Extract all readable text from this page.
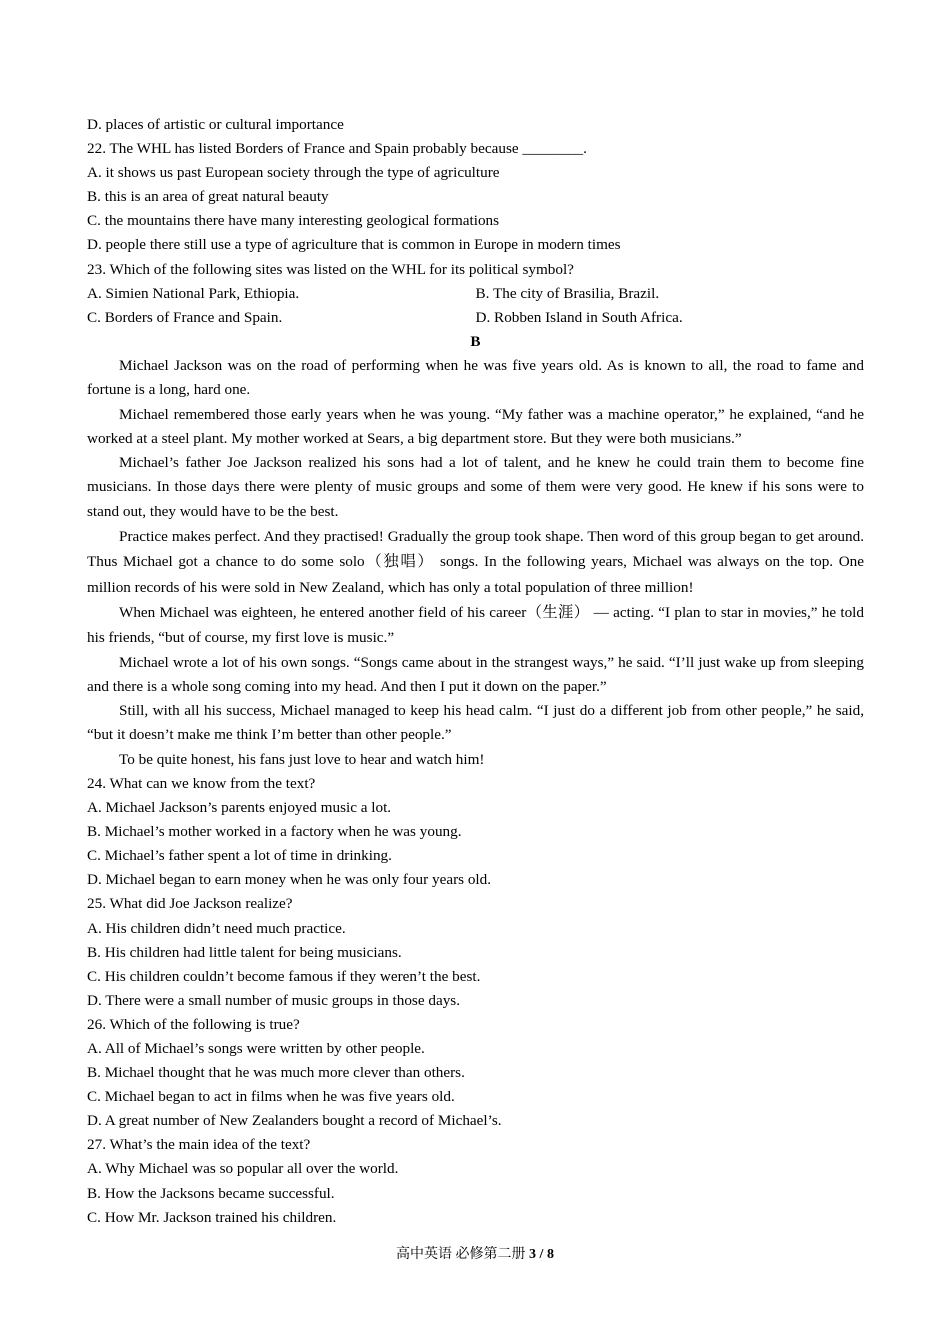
D. places of artistic or cultural importance
22. The WHL has listed Borders of France and Spain probably because ________.
A. it shows us past European society through the type of agriculture
B. this is an area of great natural beauty
C. the mountains there have many interesting geological formations
D. people there still use a type of agriculture that is common in Europe in modern times
23. Which of the following sites was listed on the WHL for its political symbol?
A. Simien National Park, Ethiopia.	B. The city of Brasilia, Brazil.
C. Borders of France and Spain.	D. Robben Island in South Africa.
B

Michael Jackson was on the road of performing when he was five years old. As is known to all, the road to fame and fortune is a long, hard one.

Michael remembered those early years when he was young. “My father was a machine operator,” he explained, “and he worked at a steel plant. My mother worked at Sears, a big department store. But they were both musicians.”

Michael’s father Joe Jackson realized his sons had a lot of talent, and he knew he could train them to become fine musicians. In those days there were plenty of music groups and some of them were very good. He knew if his sons were to stand out, they would have to be the best.

Practice makes perfect. And they practised! Gradually the group took shape. Then word of this group began to get around. Thus Michael got a chance to do some solo（独唱） songs. In the following years, Michael was always on the top. One million records of his were sold in New Zealand, which has only a total population of three million!

When Michael was eighteen, he entered another field of his career（生涯） — acting. “I plan to star in movies,” he told his friends, “but of course, my first love is music.”

Michael wrote a lot of his own songs. “Songs came about in the strangest ways,” he said. “I’ll just wake up from sleeping and there is a whole song coming into my head. And then I put it down on the paper.”

Still, with all his success, Michael managed to keep his head calm. “I just do a different job from other people,” he said, “but it doesn’t make me think I’m better than other people.”

To be quite honest, his fans just love to hear and watch him!

24. What can we know from the text?
A. Michael Jackson’s parents enjoyed music a lot.
B. Michael’s mother worked in a factory when he was young.
C. Michael’s father spent a lot of time in drinking.
D. Michael began to earn money when he was only four years old.
25. What did Joe Jackson realize?
A. His children didn’t need much practice.
B. His children had little talent for being musicians.
C. His children couldn’t become famous if they weren’t the best.
D. There were a small number of music groups in those days.
26. Which of the following is true?
A. All of Michael’s songs were written by other people.
B. Michael thought that he was much more clever than others.
C. Michael began to act in films when he was five years old.
D. A great number of New Zealanders bought a record of Michael’s.
27. What’s the main idea of the text?
A. Why Michael was so popular all over the world.
B. How the Jacksons became successful.
C. How Mr. Jackson trained his children.
高中英语 必修第二册 3 / 8
